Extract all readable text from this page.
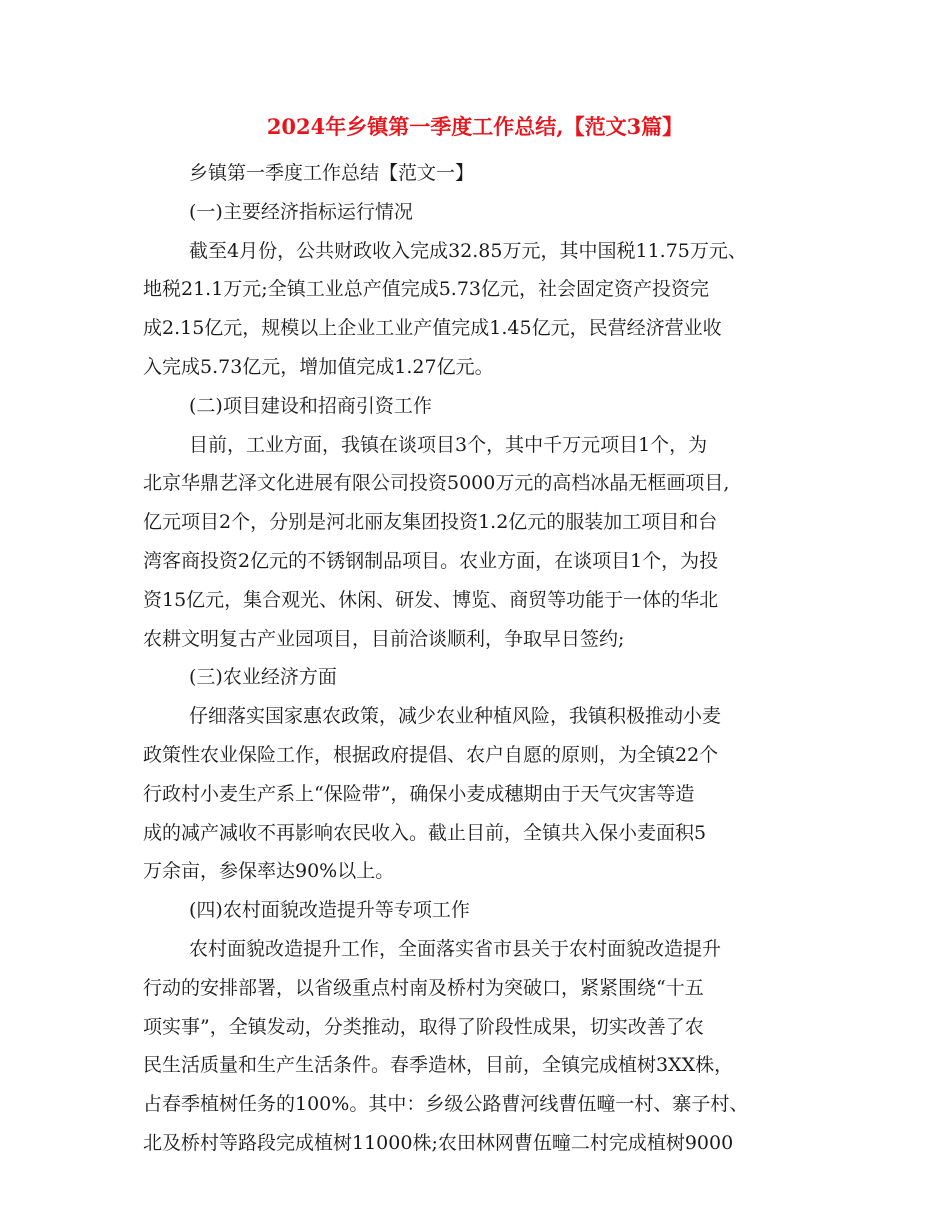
2024年乡镇第一季度工作总结,【范文3篇】
乡镇第一季度工作总结【范文一】
(一)主要经济指标运行情况
截至4月份，公共财政收入完成32.85万元，其中国税11.75万元、
地税21.1万元;全镇工业总产值完成5.73亿元，社会固定资产投资完
成2.15亿元，规模以上企业工业产值完成1.45亿元，民营经济营业收
入完成5.73亿元，增加值完成1.27亿元。
(二)项目建设和招商引资工作
目前，工业方面，我镇在谈项目3个，其中千万元项目1个，为
北京华鼎艺泽文化进展有限公司投资5000万元的高档冰晶无框画项目,
亿元项目2个，分别是河北丽友集团投资1.2亿元的服装加工项目和台
湾客商投资2亿元的不锈钢制品项目。农业方面，在谈项目1个，为投
资15亿元，集合观光、休闲、研发、博览、商贸等功能于一体的华北
农耕文明复古产业园项目，目前洽谈顺利，争取早日签约;
(三)农业经济方面
仔细落实国家惠农政策，减少农业种植风险，我镇积极推动小麦
政策性农业保险工作，根据政府提倡、农户自愿的原则，为全镇22个
行政村小麦生产系上“保险带”，确保小麦成穗期由于天气灾害等造
成的减产减收不再影响农民收入。截止目前，全镇共入保小麦面积5
万余亩，参保率达90%以上。
(四)农村面貌改造提升等专项工作
农村面貌改造提升工作，全面落实省市县关于农村面貌改造提升
行动的安排部署，以省级重点村南及桥村为突破口，紧紧围绕“十五
项实事”，全镇发动，分类推动，取得了阶段性成果，切实改善了农
民生活质量和生产生活条件。春季造林，目前，全镇完成植树3XX株，
占春季植树任务的100%。其中：乡级公路曹河线曹伍疃一村、寨子村、
北及桥村等路段完成植树11000株;农田林网曹伍疃二村完成植树9000
